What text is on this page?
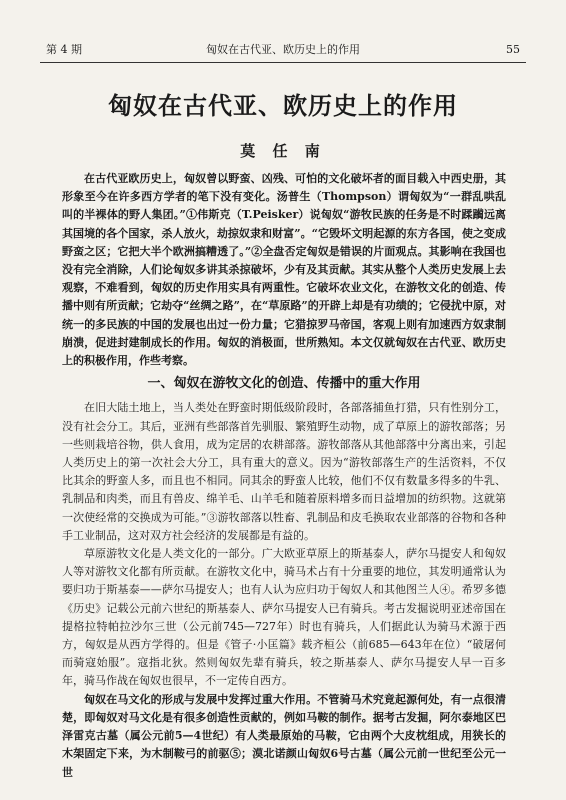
第 4 期	匈奴在古代亚、欧历史上的作用	55
匈奴在古代亚、欧历史上的作用
莫 任 南

在古代亚欧历史上，匈奴曾以野蛮、凶残、可怕的文化破坏者的面目载入中西史册，其形象至今在许多西方学者的笔下没有变化。汤普生（Thompson）谓匈奴为“一群乱哄乱叫的半裸体的野人集团。”①伟斯克（T.Peisker）说匈奴“游牧民族的任务是不时蹂躏远离其国境的各个国家，杀人放火，劫掠奴隶和财富”。“它毁坏文明起源的东方各国，使之变成野蛮之区；它把大半个欧洲搞糟透了。”②全盘否定匈奴是错误的片面观点。其影响在我国也没有完全消除，人们论匈奴多讲其杀掠破坏，少有及其贡献。其实从整个人类历史发展上去观察，不难看到，匈奴的历史作用实具有两重性。它破坏农业文化，在游牧文化的创造、传播中则有所贡献；它劫夺“丝绸之路”，在“草原路”的开辟上却是有功绩的；它侵扰中原，对统一的多民族的中国的发展也出过一份力量；它猎掠罗马帝国，客观上则有加速西方奴隶制崩溃，促进封建制成长的作用。匈奴的消极面，世所熟知。本文仅就匈奴在古代亚、欧历史上的积极作用，作些考察。

一、匈奴在游牧文化的创造、传播中的重大作用

在旧大陆土地上，当人类处在野蛮时期低级阶段时，各部落捕鱼打猎，只有性别分工，没有社会分工。其后，亚洲有些部落首先驯服、繁殖野生动物，成了草原上的游牧部落；另一些则栽培谷物，供人食用，成为定居的农耕部落。游牧部落从其他部落中分离出来，引起人类历史上的第一次社会大分工，具有重大的意义。因为“游牧部落生产的生活资料，不仅比其余的野蛮人多，而且也不相同。同其余的野蛮人比较，他们不仅有数量多得多的牛乳、乳制品和肉类，而且有兽皮、绵羊毛、山羊毛和随着原料增多而日益增加的纺织物。这就第一次使经常的交换成为可能。”③游牧部落以牲畜、乳制品和皮毛换取农业部落的谷物和各种手工业制品，这对双方社会经济的发展都是有益的。

草原游牧文化是人类文化的一部分。广大欧亚草原上的斯基泰人，萨尔马提安人和匈奴人等对游牧文化都有所贡献。在游牧文化中，骑马术占有十分重要的地位，其发明通常认为要归功于斯基泰——萨尔马提安人；也有人认为应归功于匈奴人和其他图兰人④。希罗多德《历史》记载公元前六世纪的斯基泰人、萨尔马提安人已有骑兵。考古发掘说明亚述帝国在提格拉特帕拉沙尔三世（公元前745—727年）时也有骑兵，人们据此认为骑马术源于西方，匈奴是从西方学得的。但是《管子·小匡篇》载齐桓公（前685—643年在位）“破屠何而骑寇始服”。寇指北狄。然则匈奴先辈有骑兵，较之斯基泰人、萨尔马提安人早一百多年，骑马作战在匈奴也很早，不一定传自西方。

匈奴在马文化的形成与发展中发挥过重大作用。不管骑马术究竟起源何处，有一点很清楚，即匈奴对马文化是有很多创造性贡献的，例如马鞍的制作。据考古发掘，阿尔泰地区巴泽雷克古墓（属公元前5—4世纪）有人类最原始的马鞍，它由两个大皮枕组成，用狭长的木架固定下来，为木制鞍弓的前驱⑤；漠北诺颜山匈奴6号古墓（属公元前一世纪至公元一世
